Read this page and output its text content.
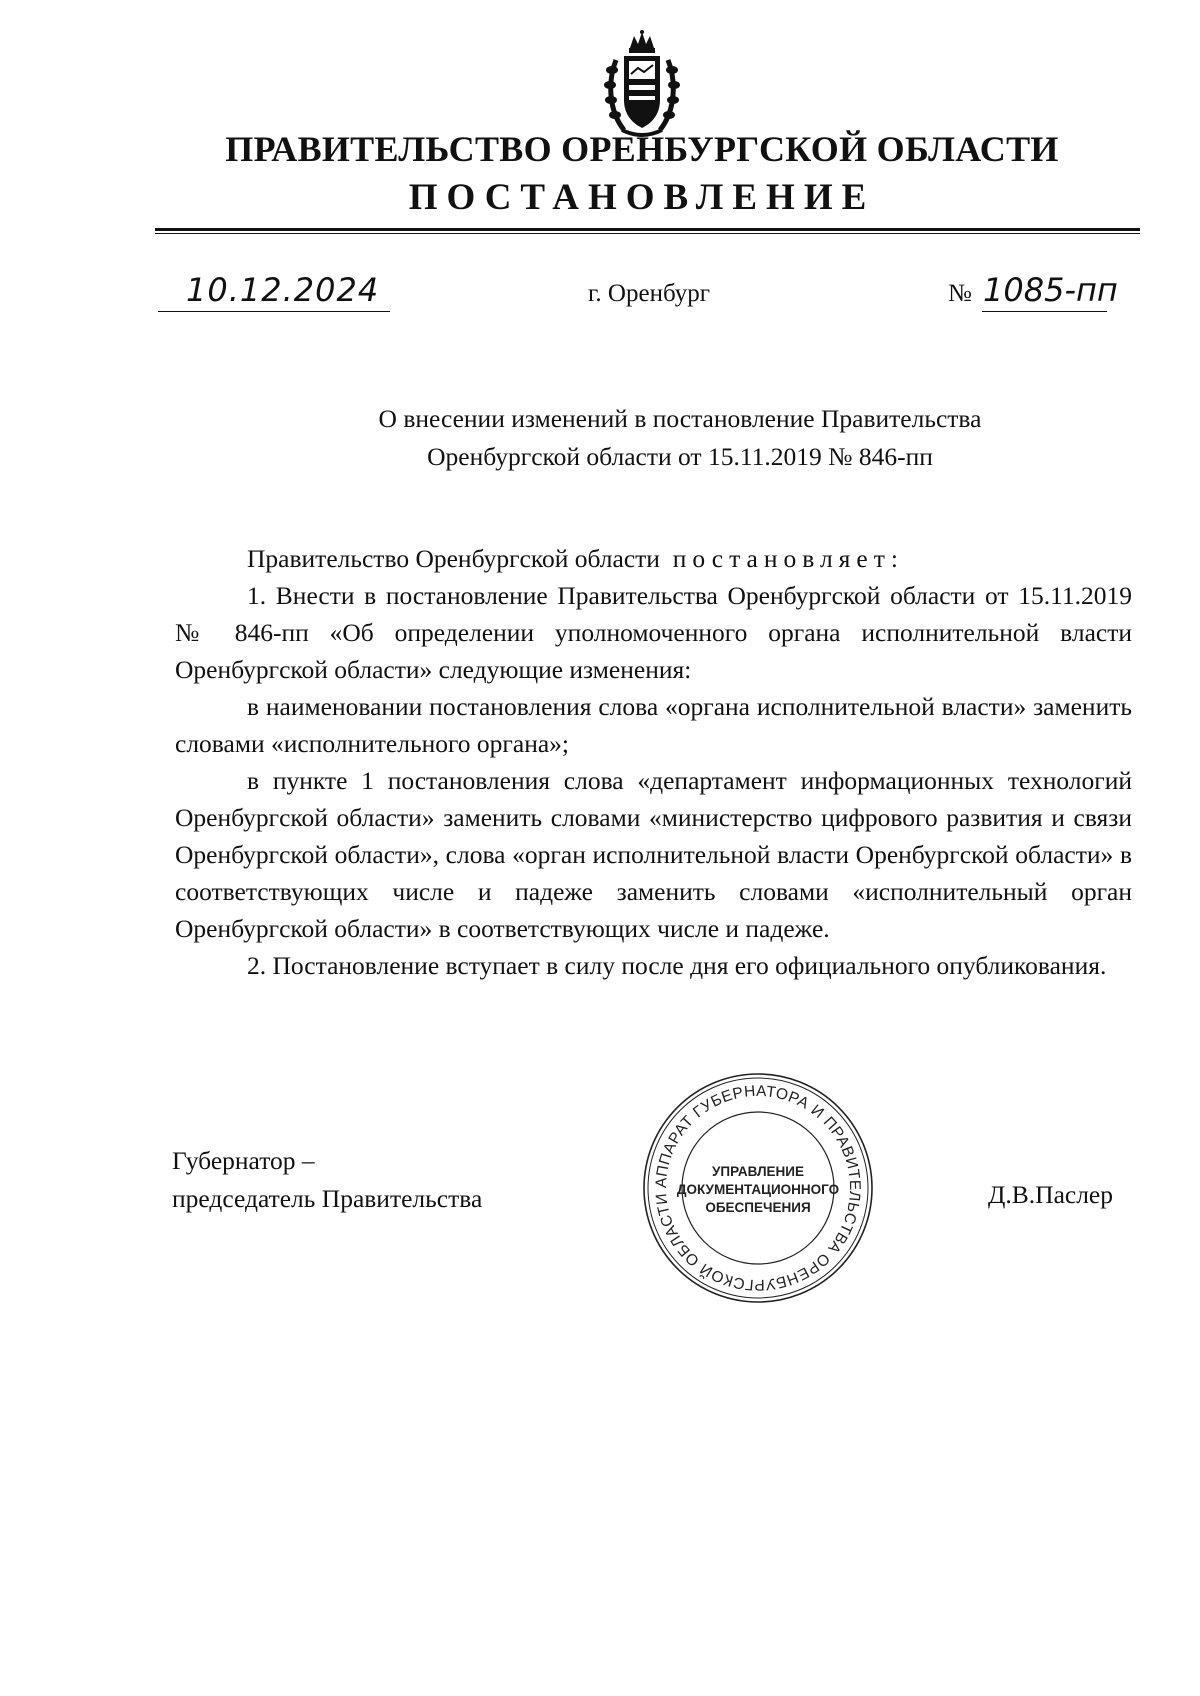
ПРАВИТЕЛЬСТВО ОРЕНБУРГСКОЙ ОБЛАСТИ
ПОСТАНОВЛЕНИЕ
10.12.2024	г. Оренбург	№ 1085-пп
О внесении изменений в постановление Правительства
Оренбургской области от 15.11.2019 № 846-пп

Правительство Оренбургской области постановляет:

1. Внести в постановление Правительства Оренбургской области от 15.11.2019 № 846-пп «Об определении уполномоченного органа исполнительной власти Оренбургской области» следующие изменения:

в наименовании постановления слова «органа исполнительной власти» заменить словами «исполнительного органа»;

в пункте 1 постановления слова «департамент информационных технологий Оренбургской области» заменить словами «министерство цифрового развития и связи Оренбургской области», слова «орган исполнительной власти Оренбургской области» в соответствующих числе и падеже заменить словами «исполнительный орган Оренбургской области» в соответствующих числе и падеже.

2. Постановление вступает в силу после дня его официального опубликования.

Губернатор –
председатель Правительства	Д.В.Паслер
АППАРАТ ГУБЕРНАТОРА И ПРАВИТЕЛЬСТВА ОРЕНБУРГСКОЙ ОБЛАСТИ
УПРАВЛЕНИЕ
ДОКУМЕНТАЦИОННОГО
ОБЕСПЕЧЕНИЯ
